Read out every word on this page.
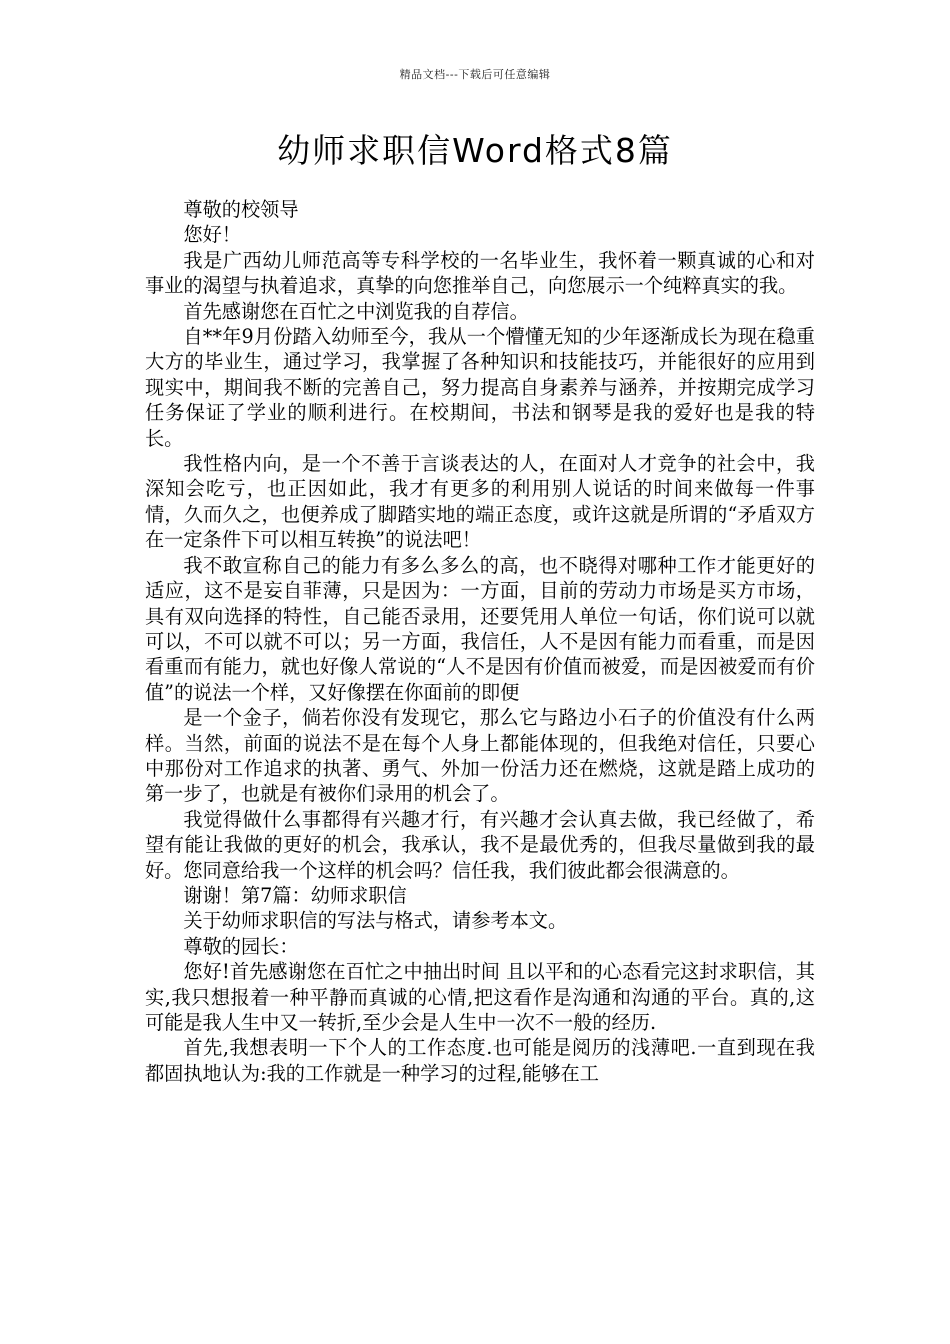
精品文档---下载后可任意编辑
幼师求职信Word格式8篇

尊敬的校领导

您好！

我是广西幼儿师范高等专科学校的一名毕业生，我怀着一颗真诚的心和对事业的渴望与执着追求，真挚的向您推举自己，向您展示一个纯粹真实的我。

首先感谢您在百忙之中浏览我的自荐信。

自**年9月份踏入幼师至今，我从一个懵懂无知的少年逐渐成长为现在稳重大方的毕业生，通过学习，我掌握了各种知识和技能技巧，并能很好的应用到现实中，期间我不断的完善自己，努力提高自身素养与涵养，并按期完成学习任务保证了学业的顺利进行。在校期间，书法和钢琴是我的爱好也是我的特长。

我性格内向，是一个不善于言谈表达的人，在面对人才竞争的社会中，我深知会吃亏，也正因如此，我才有更多的利用别人说话的时间来做每一件事情，久而久之，也便养成了脚踏实地的端正态度，或许这就是所谓的“矛盾双方在一定条件下可以相互转换”的说法吧！

我不敢宣称自己的能力有多么多么的高，也不晓得对哪种工作才能更好的适应，这不是妄自菲薄，只是因为：一方面，目前的劳动力市场是买方市场，具有双向选择的特性，自己能否录用，还要凭用人单位一句话，你们说可以就可以，不可以就不可以；另一方面，我信任，人不是因有能力而看重，而是因看重而有能力，就也好像人常说的“人不是因有价值而被爱，而是因被爱而有价值”的说法一个样，又好像摆在你面前的即便

是一个金子，倘若你没有发现它，那么它与路边小石子的价值没有什么两样。当然，前面的说法不是在每个人身上都能体现的，但我绝对信任，只要心中那份对工作追求的执著、勇气、外加一份活力还在燃烧，这就是踏上成功的第一步了，也就是有被你们录用的机会了。

我觉得做什么事都得有兴趣才行，有兴趣才会认真去做，我已经做了，希望有能让我做的更好的机会，我承认，我不是最优秀的，但我尽量做到我的最好。您同意给我一个这样的机会吗？信任我，我们彼此都会很满意的。

谢谢！第7篇：幼师求职信

关于幼师求职信的写法与格式，请参考本文。

尊敬的园长：

您好!首先感谢您在百忙之中抽出时间 且以平和的心态看完这封求职信，其实,我只想报着一种平静而真诚的心情,把这看作是沟通和沟通的平台。真的,这可能是我人生中又一转折,至少会是人生中一次不一般的经历.

首先,我想表明一下个人的工作态度.也可能是阅历的浅薄吧.一直到现在我都固执地认为:我的工作就是一种学习的过程,能够在工
